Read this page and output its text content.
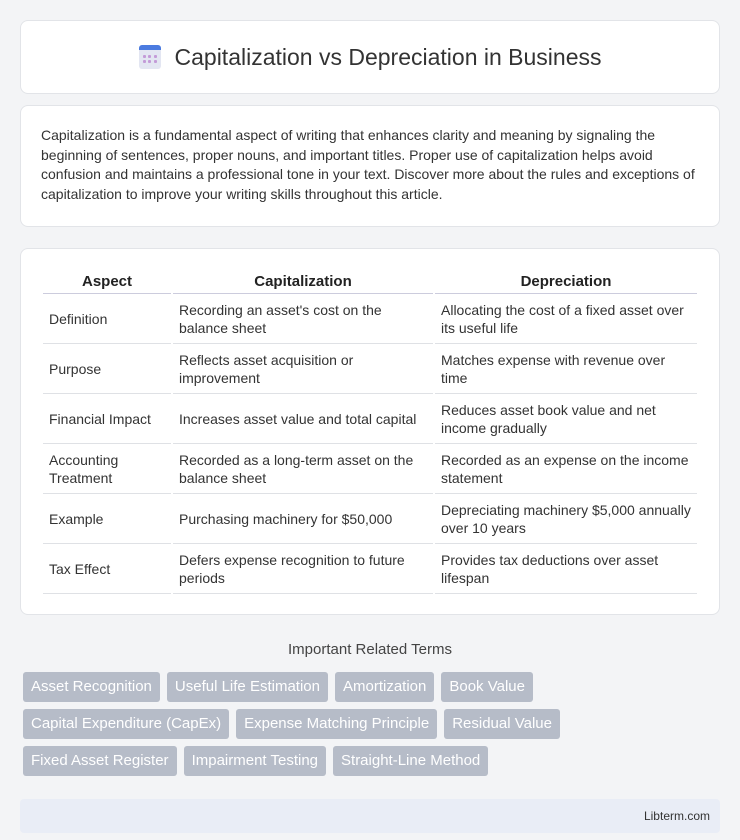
Capitalization vs Depreciation in Business

Capitalization is a fundamental aspect of writing that enhances clarity and meaning by signaling the beginning of sentences, proper nouns, and important titles. Proper use of capitalization helps avoid confusion and maintains a professional tone in your text. Discover more about the rules and exceptions of capitalization to improve your writing skills throughout this article.

Aspect	Capitalization	Depreciation
Definition	Recording an asset's cost on the balance sheet	Allocating the cost of a fixed asset over its useful life
Purpose	Reflects asset acquisition or improvement	Matches expense with revenue over time
Financial Impact	Increases asset value and total capital	Reduces asset book value and net income gradually
Accounting Treatment	Recorded as a long-term asset on the balance sheet	Recorded as an expense on the income statement
Example	Purchasing machinery for $50,000	Depreciating machinery $5,000 annually over 10 years
Tax Effect	Defers expense recognition to future periods	Provides tax deductions over asset lifespan
Important Related Terms
Asset Recognition	Useful Life Estimation	Amortization	Book Value
Capital Expenditure (CapEx)	Expense Matching Principle	Residual Value
Fixed Asset Register	Impairment Testing	Straight-Line Method
Libterm.com
